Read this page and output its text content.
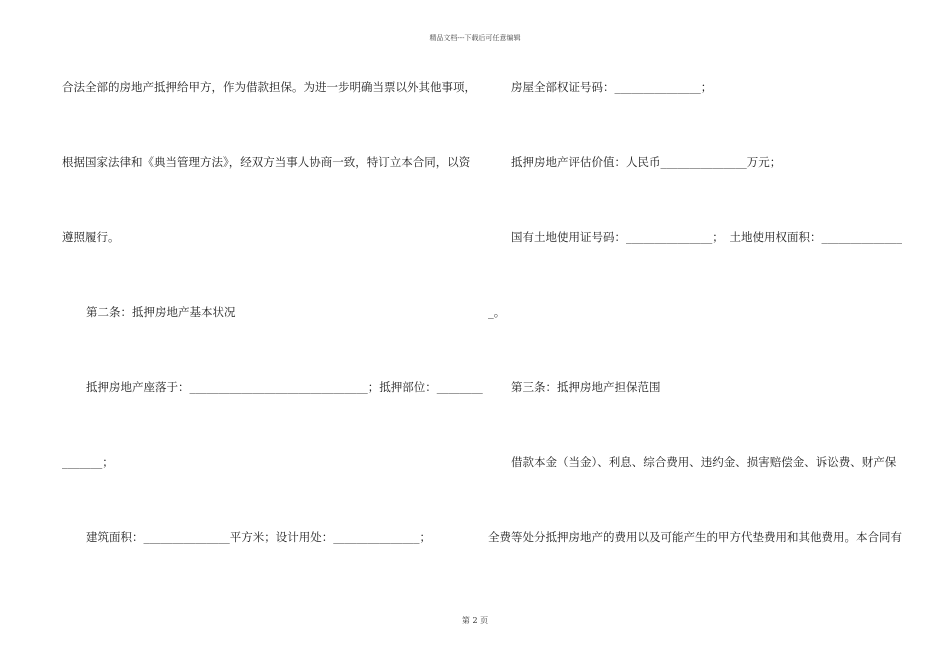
精品文档---下载后可任意编辑
合法全部的房地产抵押给甲方，作为借款担保。为进一步明确当票以外其他事项，
根据国家法律和《典当管理方法》，经双方当事人协商一致，特订立本合同，以资
遵照履行。
第二条：抵押房地产基本状况
抵押房地产座落于：_______________________________；抵押部位：________
_______；
建筑面积：_______________平方米；设计用处：_______________；
房屋全部权证号码：_______________；
抵押房地产评估价值：人民币_______________万元；
国有土地使用证号码：_______________；　土地使用权面积：______________
_。
第三条：抵押房地产担保范围
借款本金（当金）、利息、综合费用、违约金、损害赔偿金、诉讼费、财产保
全费等处分抵押房地产的费用以及可能产生的甲方代垫费用和其他费用。本合同有
第 2 页
